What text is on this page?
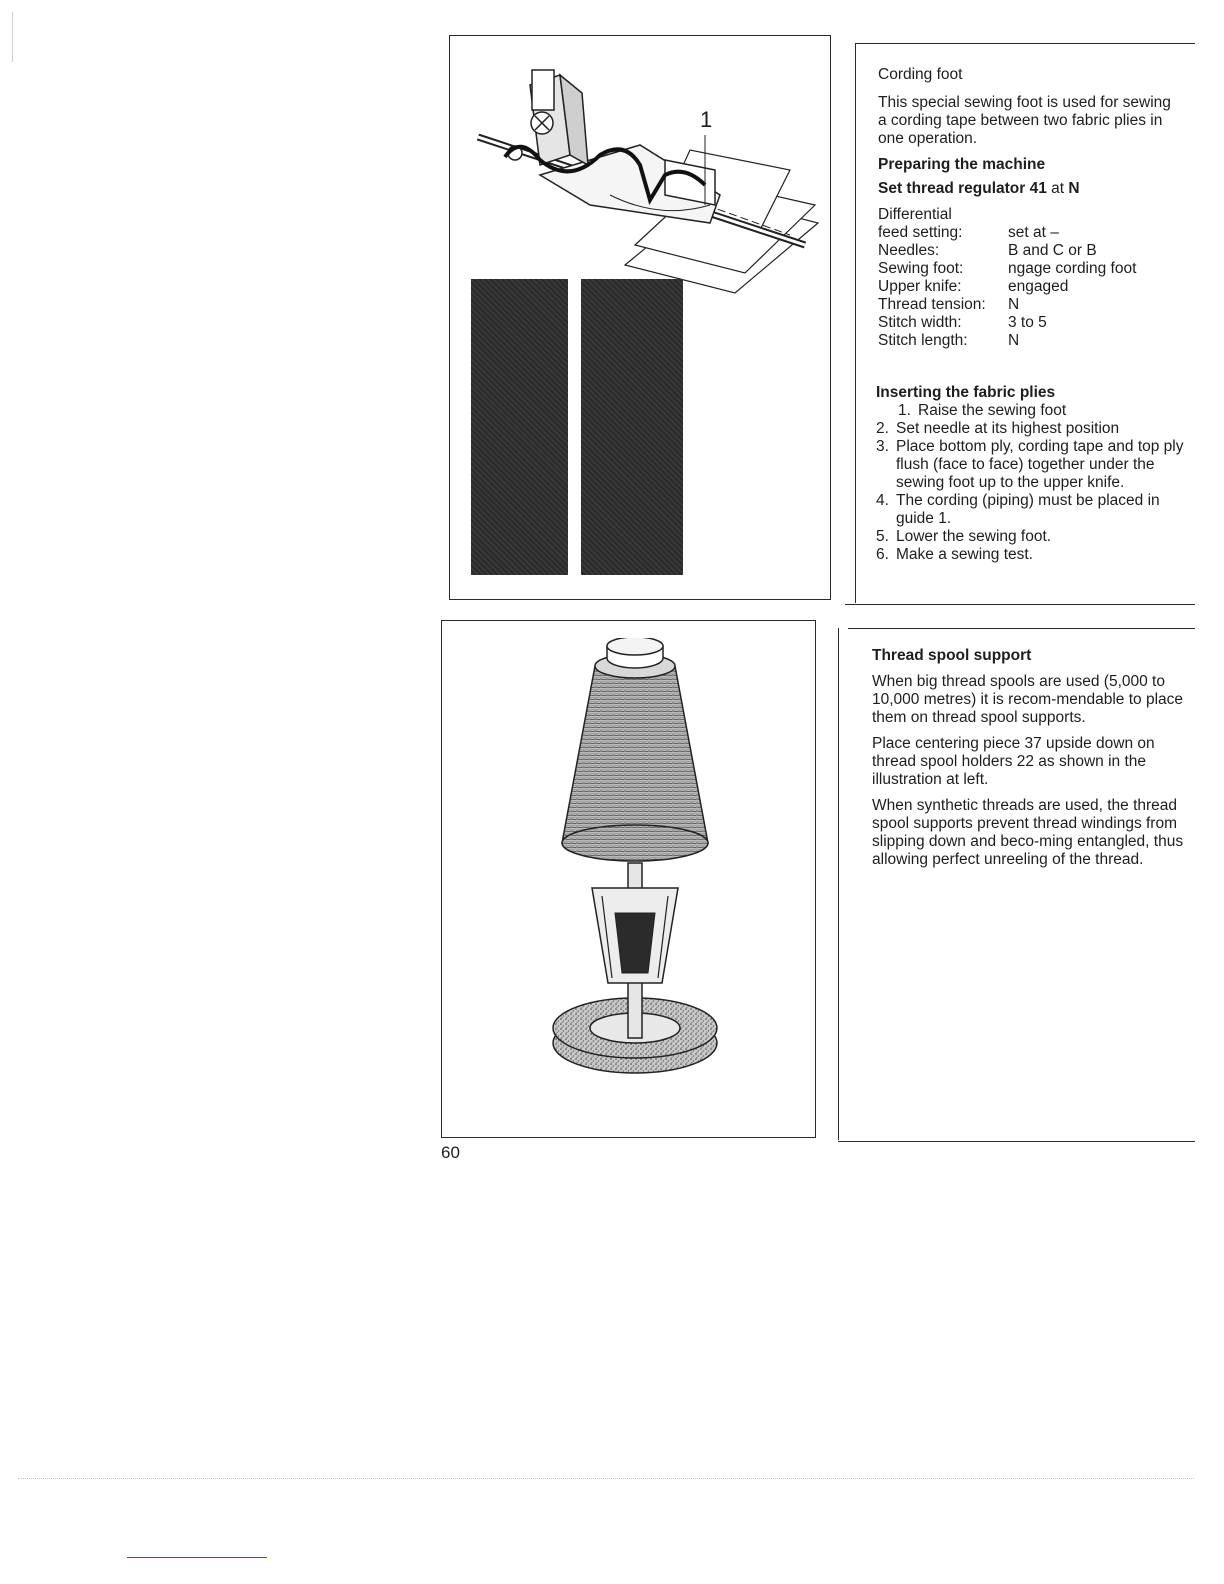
1
Cording foot

This special sewing foot is used for sewing a cording tape between two fabric plies in one operation.

Preparing the machine
Set thread regulator 41 at N
Differential
feed setting:	set at –
Needles:	B and C or B
Sewing foot:	ngage cording foot
Upper knife:	engaged
Thread tension:	N
Stitch width:	3 to 5
Stitch length:	N
Inserting the fabric plies
1. Raise the sewing foot
2. Set needle at its highest position
3. Place bottom ply, cording tape and top ply flush (face to face) together under the sewing foot up to the upper knife.
4. The cording (piping) must be placed in guide 1.
5. Lower the sewing foot.
6. Make a sewing test.
Thread spool support

When big thread spools are used (5,000 to 10,000 metres) it is recom-mendable to place them on thread spool supports.

Place centering piece 37 upside down on thread spool holders 22 as shown in the illustration at left.

When synthetic threads are used, the thread spool supports prevent thread windings from slipping down and beco-ming entangled, thus allowing perfect unreeling of the thread.

60
